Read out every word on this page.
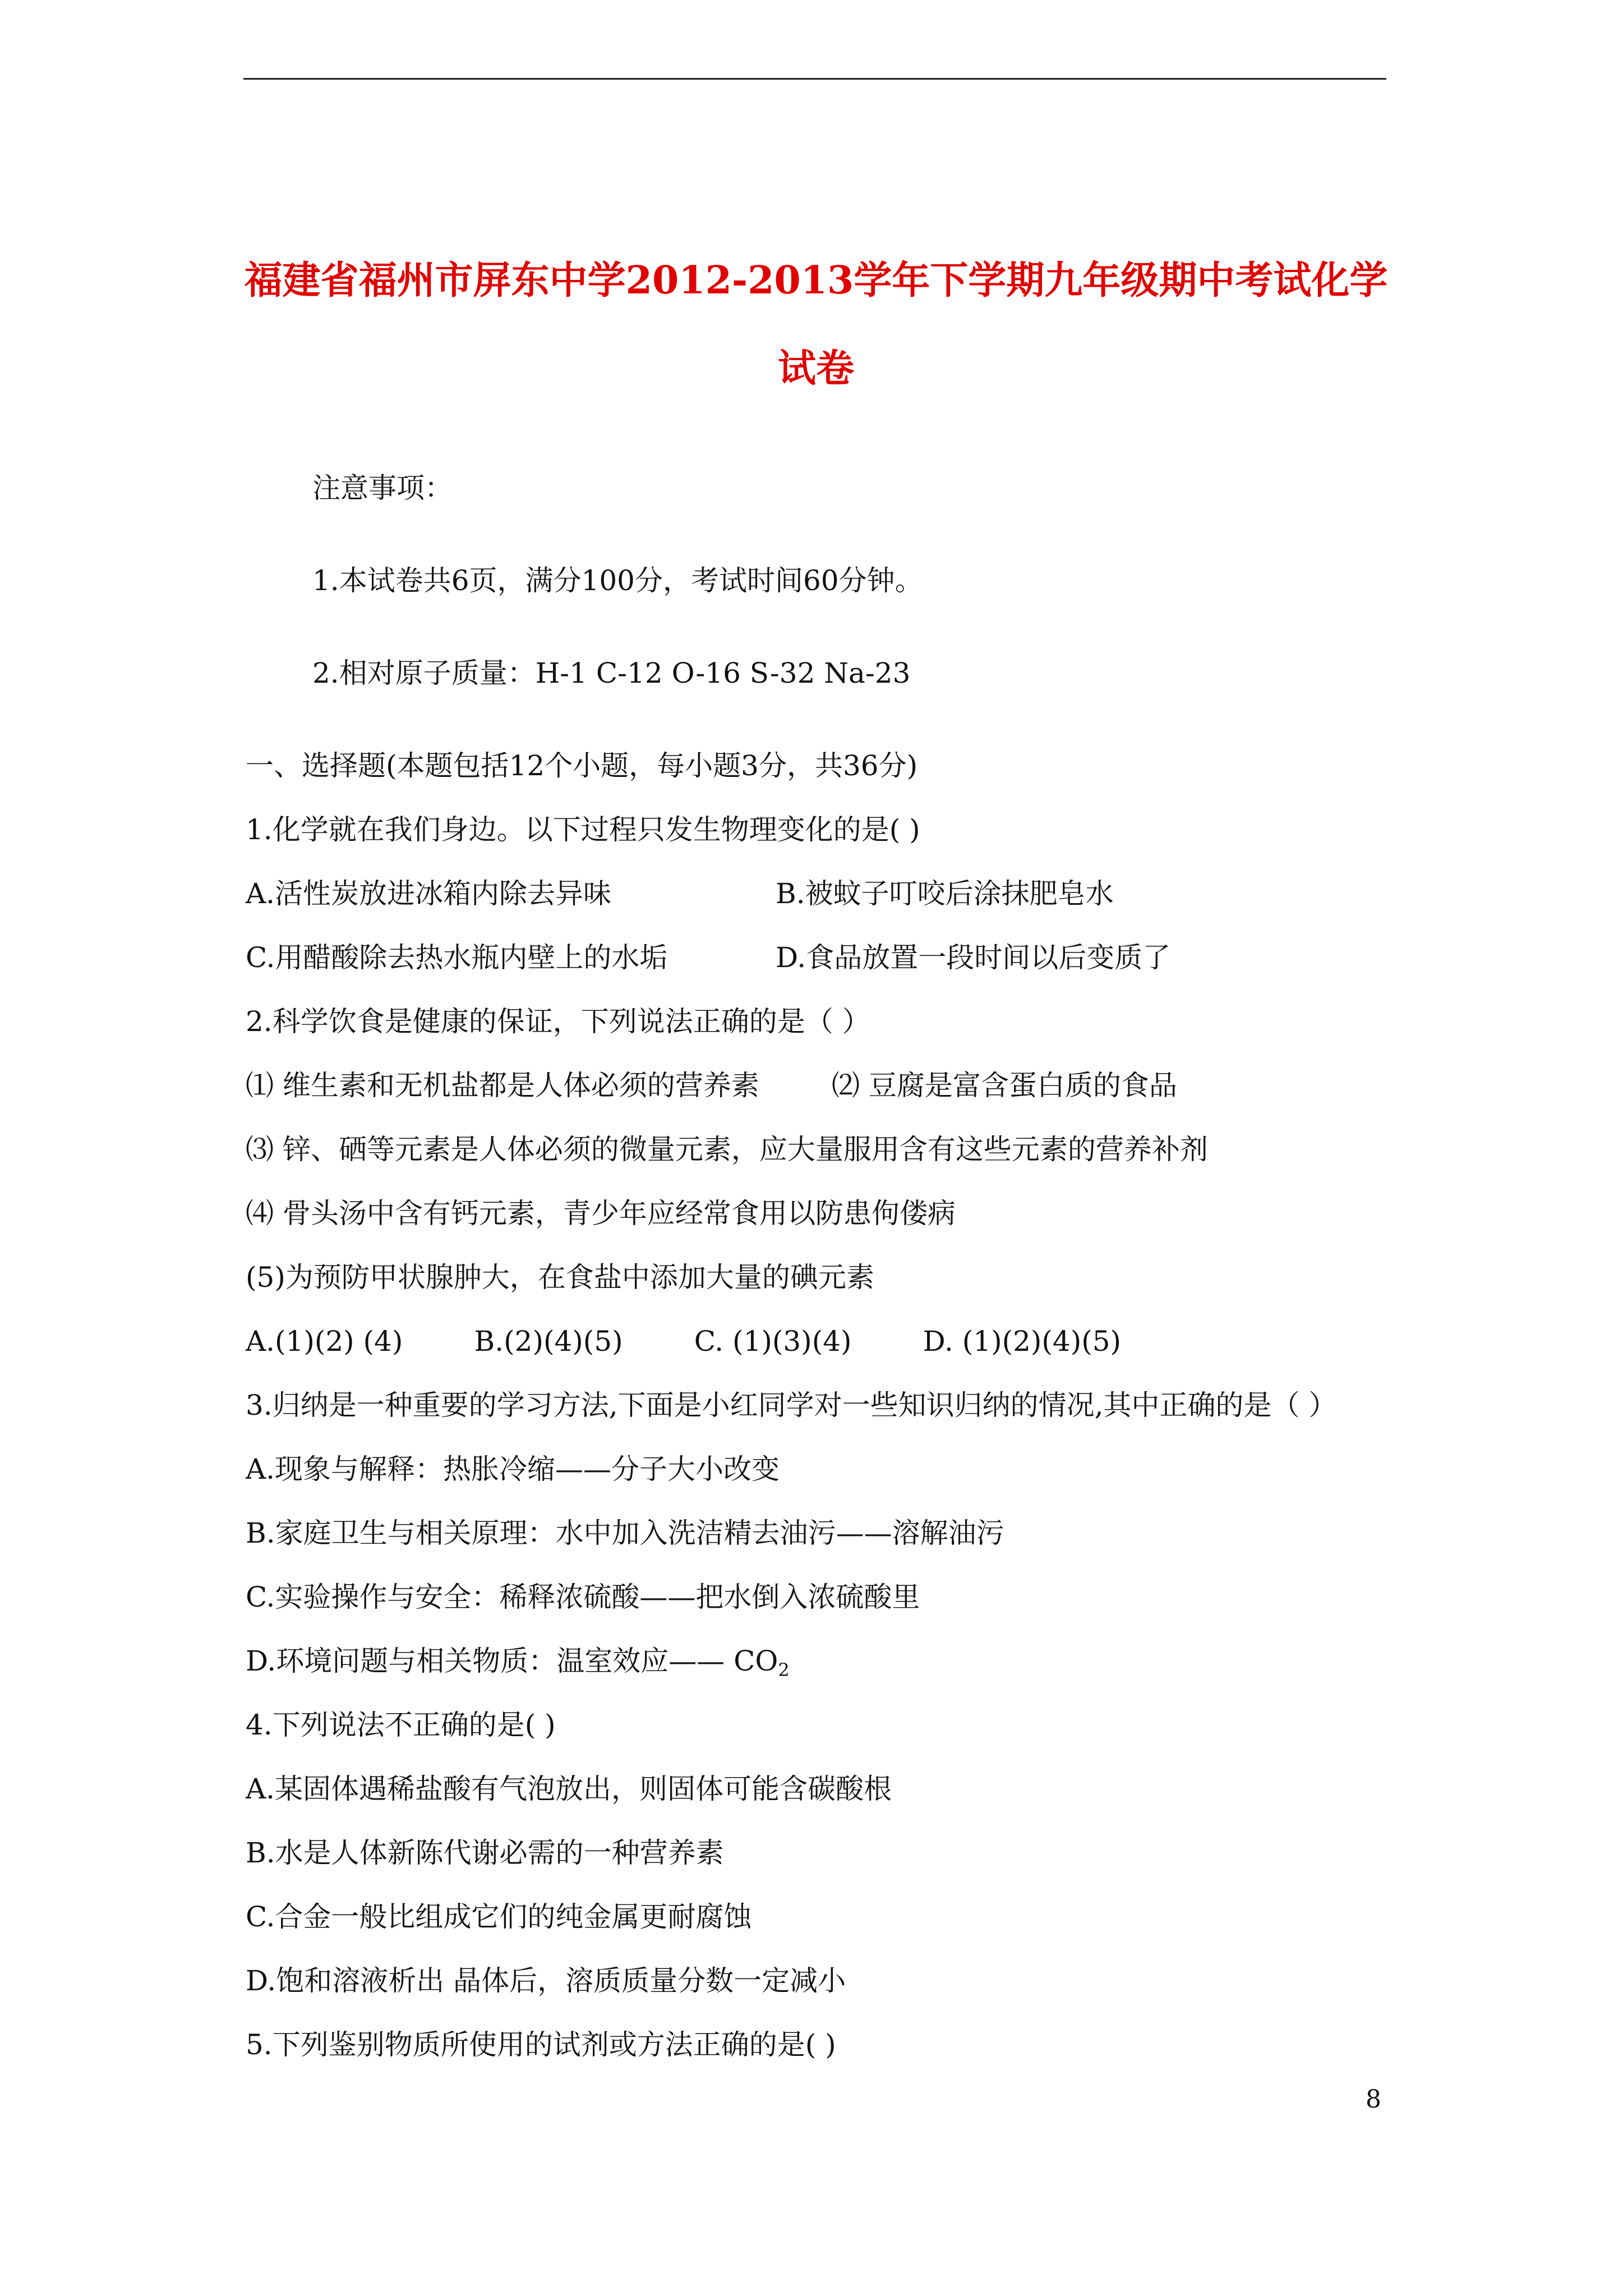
福建省福州市屏东中学2012-2013学年下学期九年级期中考试化学
试卷
注意事项：
1.本试卷共6页，满分100分，考试时间60分钟。
2.相对原子质量：H-1 C-12 O-16 S-32 Na-23
一、选择题(本题包括12个小题，每小题3分，共36分)
1.化学就在我们身边。以下过程只发生物理变化的是( )
A.活性炭放进冰箱内除去异味	B.被蚊子叮咬后涂抹肥皂水
C.用醋酸除去热水瓶内壁上的水垢	D.食品放置一段时间以后变质了
2.科学饮食是健康的保证，下列说法正确的是（ ）
⑴ 维生素和无机盐都是人体必须的营养素	⑵ 豆腐是富含蛋白质的食品
⑶ 锌、硒等元素是人体必须的微量元素，应大量服用含有这些元素的营养补剂
⑷ 骨头汤中含有钙元素，青少年应经常食用以防患佝偻病
(5)为预防甲状腺肿大，在食盐中添加大量的碘元素
A.(1)(2) (4)        B.(2)(4)(5)        C. (1)(3)(4)        D. (1)(2)(4)(5)
3.归纳是一种重要的学习方法,下面是小红同学对一些知识归纳的情况,其中正确的是（ ）
A.现象与解释：热胀冷缩——分子大小改变
B.家庭卫生与相关原理：水中加入洗洁精去油污——溶解油污
C.实验操作与安全：稀释浓硫酸——把水倒入浓硫酸里
D.环境问题与相关物质：温室效应—— $CO_2$
4.下列说法不正确的是( )
A.某固体遇稀盐酸有气泡放出，则固体可能含碳酸根
B.水是人体新陈代谢必需的一种营养素
C.合金一般比组成它们的纯金属更耐腐蚀
D.饱和溶液析出 晶体后，溶质质量分数一定减小
5.下列鉴别物质所使用的试剂或方法正确的是( )
8
